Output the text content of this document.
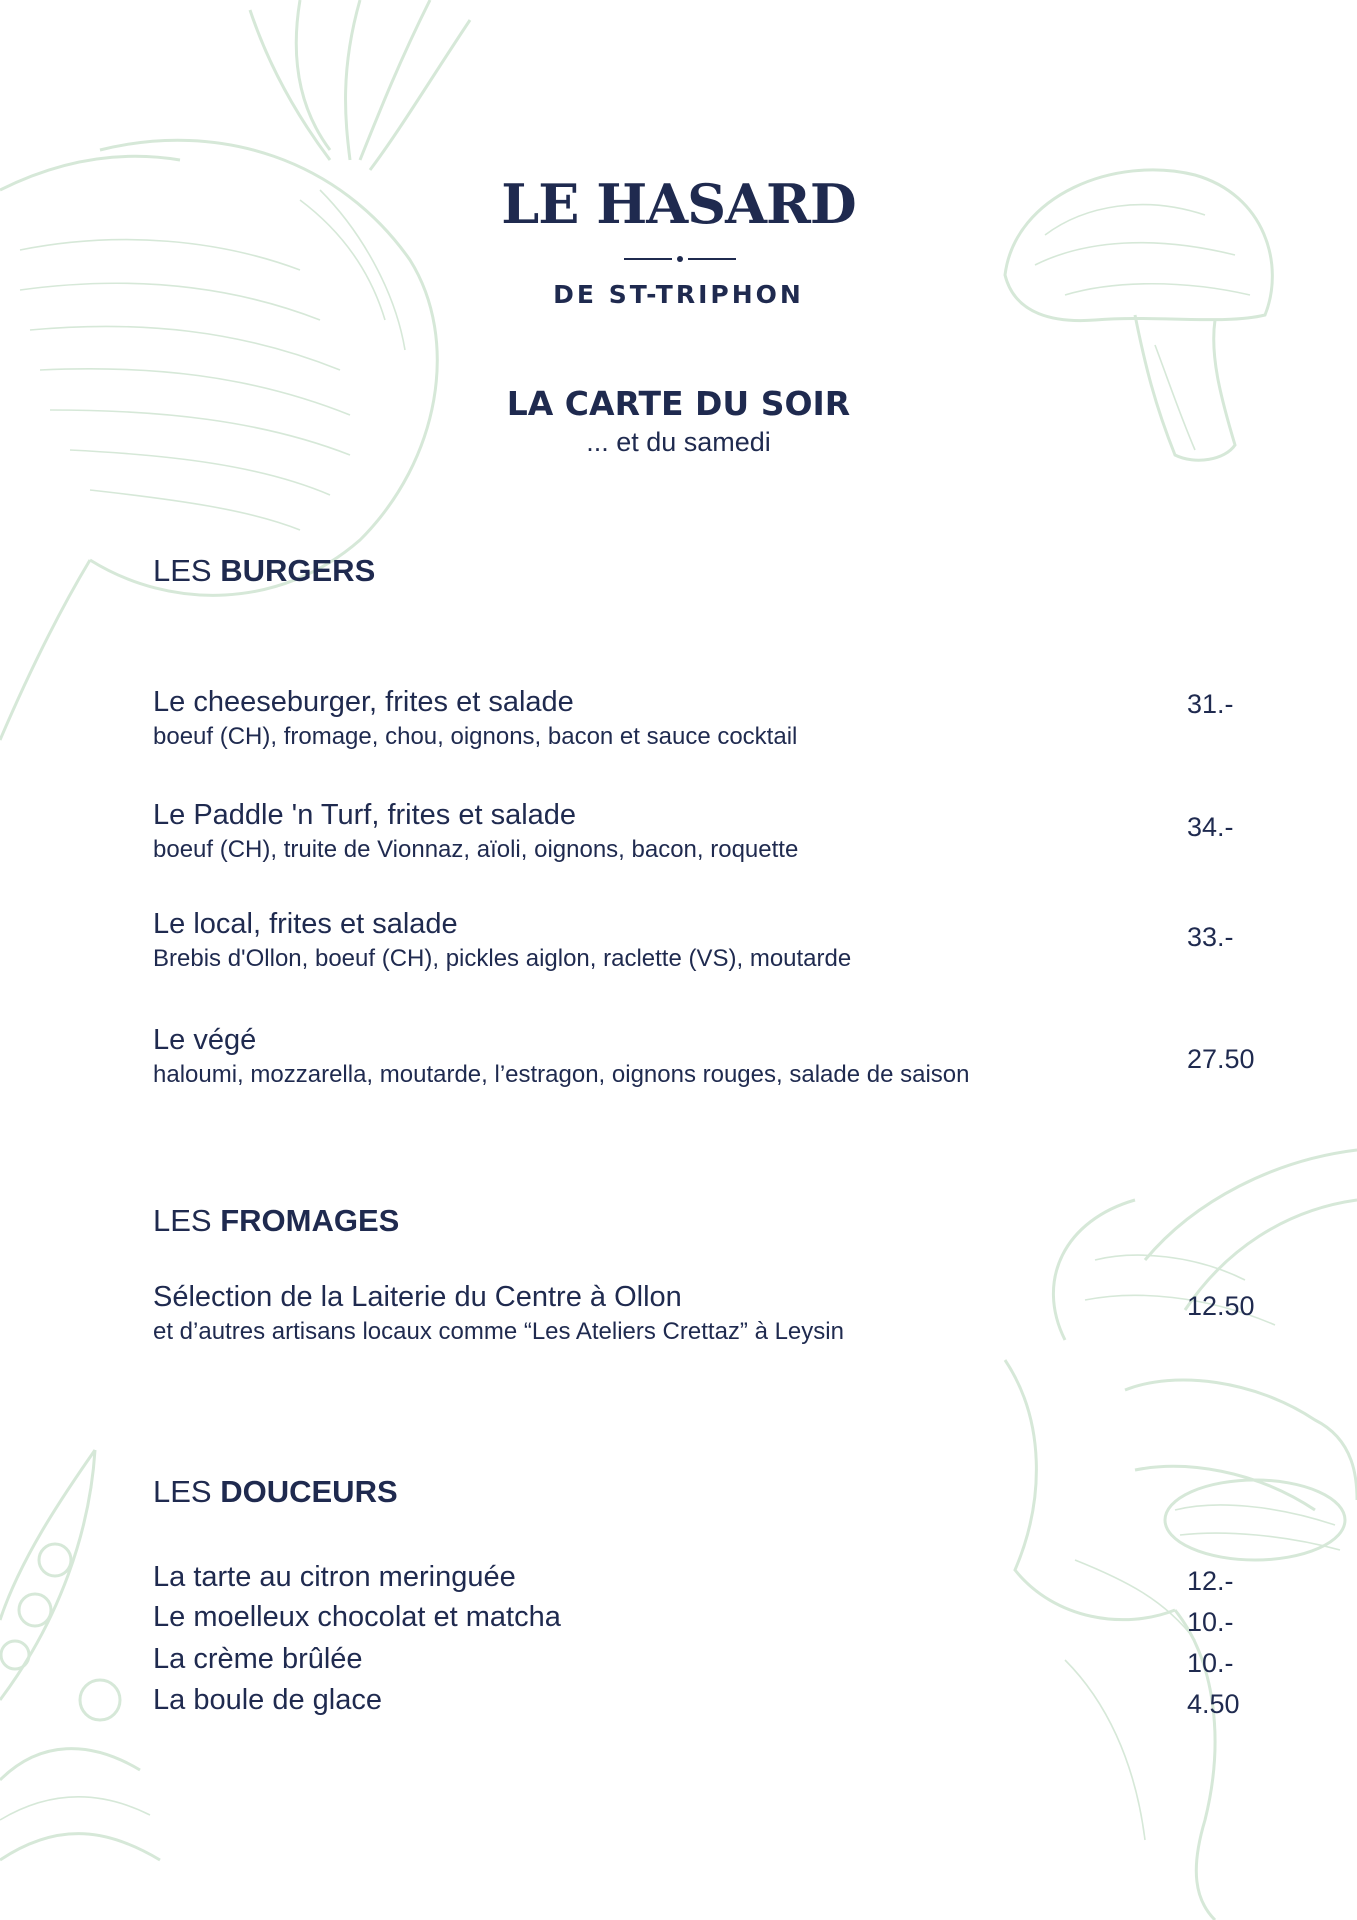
LE HASARD
DE ST-TRIPHON
LA CARTE DU SOIR
... et du samedi
LES BURGERS
Le cheeseburger, frites et salade
boeuf (CH), fromage, chou, oignons, bacon et sauce cocktail
31.-
Le Paddle 'n Turf, frites et salade
boeuf (CH), truite de Vionnaz, aïoli, oignons, bacon, roquette
34.-
Le local, frites et salade
Brebis d'Ollon, boeuf (CH), pickles aiglon, raclette (VS), moutarde
33.-
Le végé
haloumi, mozzarella, moutarde, l’estragon, oignons rouges, salade de saison
27.50
LES FROMAGES
Sélection de la Laiterie du Centre à Ollon
et d’autres artisans locaux comme “Les Ateliers Crettaz” à Leysin
12.50
LES DOUCEURS
La tarte au citron meringuée	12.-
Le moelleux chocolat et matcha	10.-
La crème brûlée	10.-
La boule de glace	4.50
